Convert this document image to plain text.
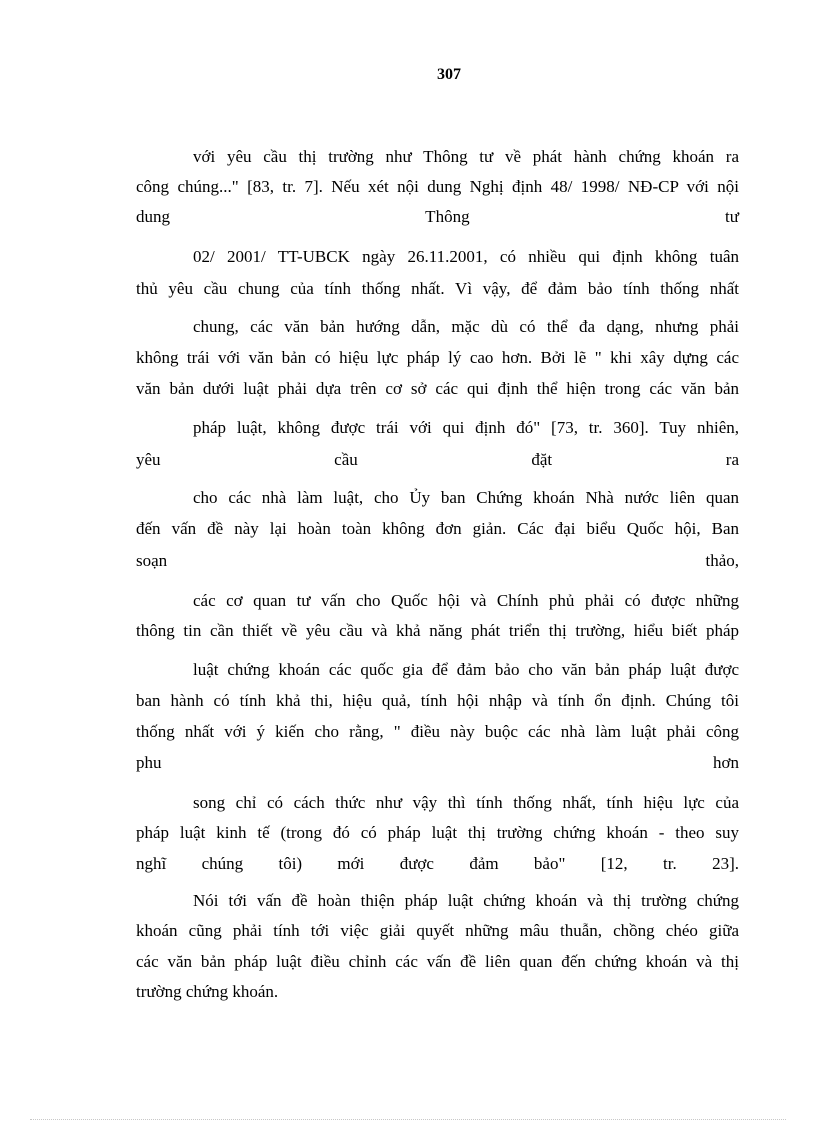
307
với yêu cầu thị trường như Thông tư về phát hành chứng khoán ra
công chúng..." [83, tr. 7]. Nếu xét nội dung Nghị định 48/ 1998/ NĐ-CP với nội
dung Thông tư
02/ 2001/ TT-UBCK ngày 26.11.2001, có nhiều qui định không tuân
thủ yêu cầu chung của tính thống nhất. Vì vậy, để đảm bảo tính thống nhất
chung, các văn bản hướng dẫn, mặc dù có thể đa dạng, nhưng phải
không trái với văn bản có hiệu lực pháp lý cao hơn. Bởi lẽ " khi xây dựng các
văn bản dưới luật phải dựa trên cơ sở các qui định thể hiện trong các văn bản
pháp luật, không được trái với qui định đó" [73, tr. 360]. Tuy nhiên,
yêu cầu đặt ra
cho các nhà làm luật, cho Ủy ban Chứng khoán Nhà nước liên quan
đến vấn đề này lại hoàn toàn không đơn giản. Các đại biểu Quốc hội, Ban
soạn thảo,
các cơ quan tư vấn cho Quốc hội và Chính phủ phải có được những
thông tin cần thiết về yêu cầu và khả năng phát triển thị trường, hiểu biết pháp
luật chứng khoán các quốc gia để đảm bảo cho văn bản pháp luật được
ban hành có tính khả thi, hiệu quả, tính hội nhập và tính ổn định. Chúng tôi
thống nhất với ý kiến cho rằng, " điều này buộc các nhà làm luật phải công
phu hơn
song chỉ có cách thức như vậy thì tính thống nhất, tính hiệu lực của
pháp luật kinh tế (trong đó có pháp luật thị trường chứng khoán - theo suy
nghĩ chúng tôi) mới được đảm bảo" [12, tr. 23].
Nói tới vấn đề hoàn thiện pháp luật chứng khoán và thị trường chứng
khoán cũng phải tính tới việc giải quyết những mâu thuẫn, chồng chéo giữa
các văn bản pháp luật điều chỉnh các vấn đề liên quan đến chứng khoán và thị
trường chứng khoán.
